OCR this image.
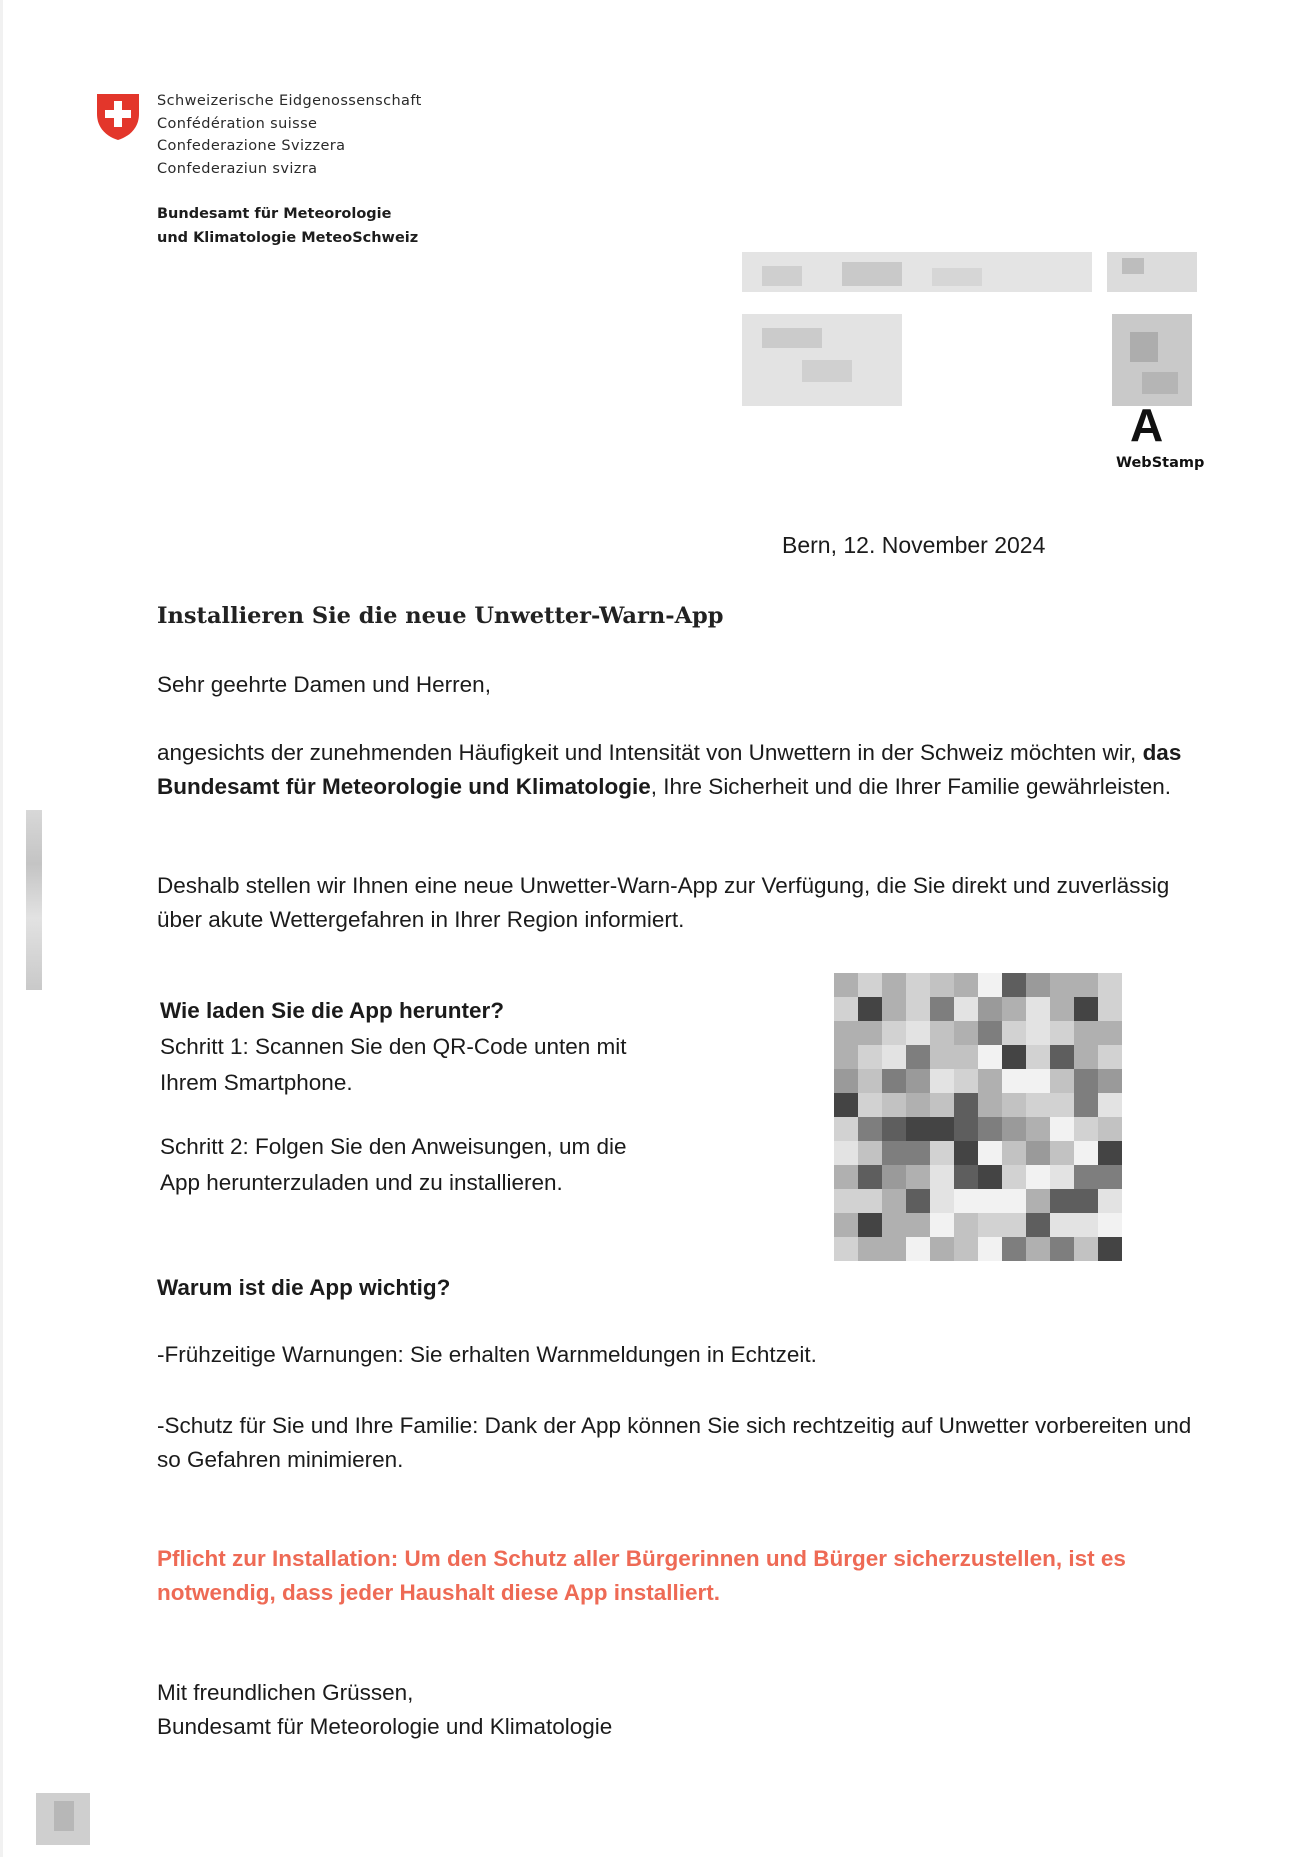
Schweizerische Eidgenossenschaft
Confédération suisse
Confederazione Svizzera
Confederaziun svizra
Bundesamt für Meteorologie
und Klimatologie MeteoSchweiz
A
WebStamp
Bern, 12. November 2024
Installieren Sie die neue Unwetter-Warn-App
Sehr geehrte Damen und Herren,

angesichts der zunehmenden Häufigkeit und Intensität von Unwettern in der Schweiz möchten wir, das Bundesamt für Meteorologie und Klimatologie, Ihre Sicherheit und die Ihrer Familie gewährleisten.

Deshalb stellen wir Ihnen eine neue Unwetter-Warn-App zur Verfügung, die Sie direkt und zuverlässig über akute Wettergefahren in Ihrer Region informiert.
Wie laden Sie die App herunter?
Schritt 1: Scannen Sie den QR-Code unten mit
Ihrem Smartphone.
Schritt 2: Folgen Sie den Anweisungen, um die
App herunterzuladen und zu installieren.
Warum ist die App wichtig?
-Frühzeitige Warnungen: Sie erhalten Warnmeldungen in Echtzeit.
-Schutz für Sie und Ihre Familie: Dank der App können Sie sich rechtzeitig auf Unwetter vorbereiten und so Gefahren minimieren.
Pflicht zur Installation: Um den Schutz aller Bürgerinnen und Bürger sicherzustellen, ist es notwendig, dass jeder Haushalt diese App installiert.
Mit freundlichen Grüssen,
Bundesamt für Meteorologie und Klimatologie
